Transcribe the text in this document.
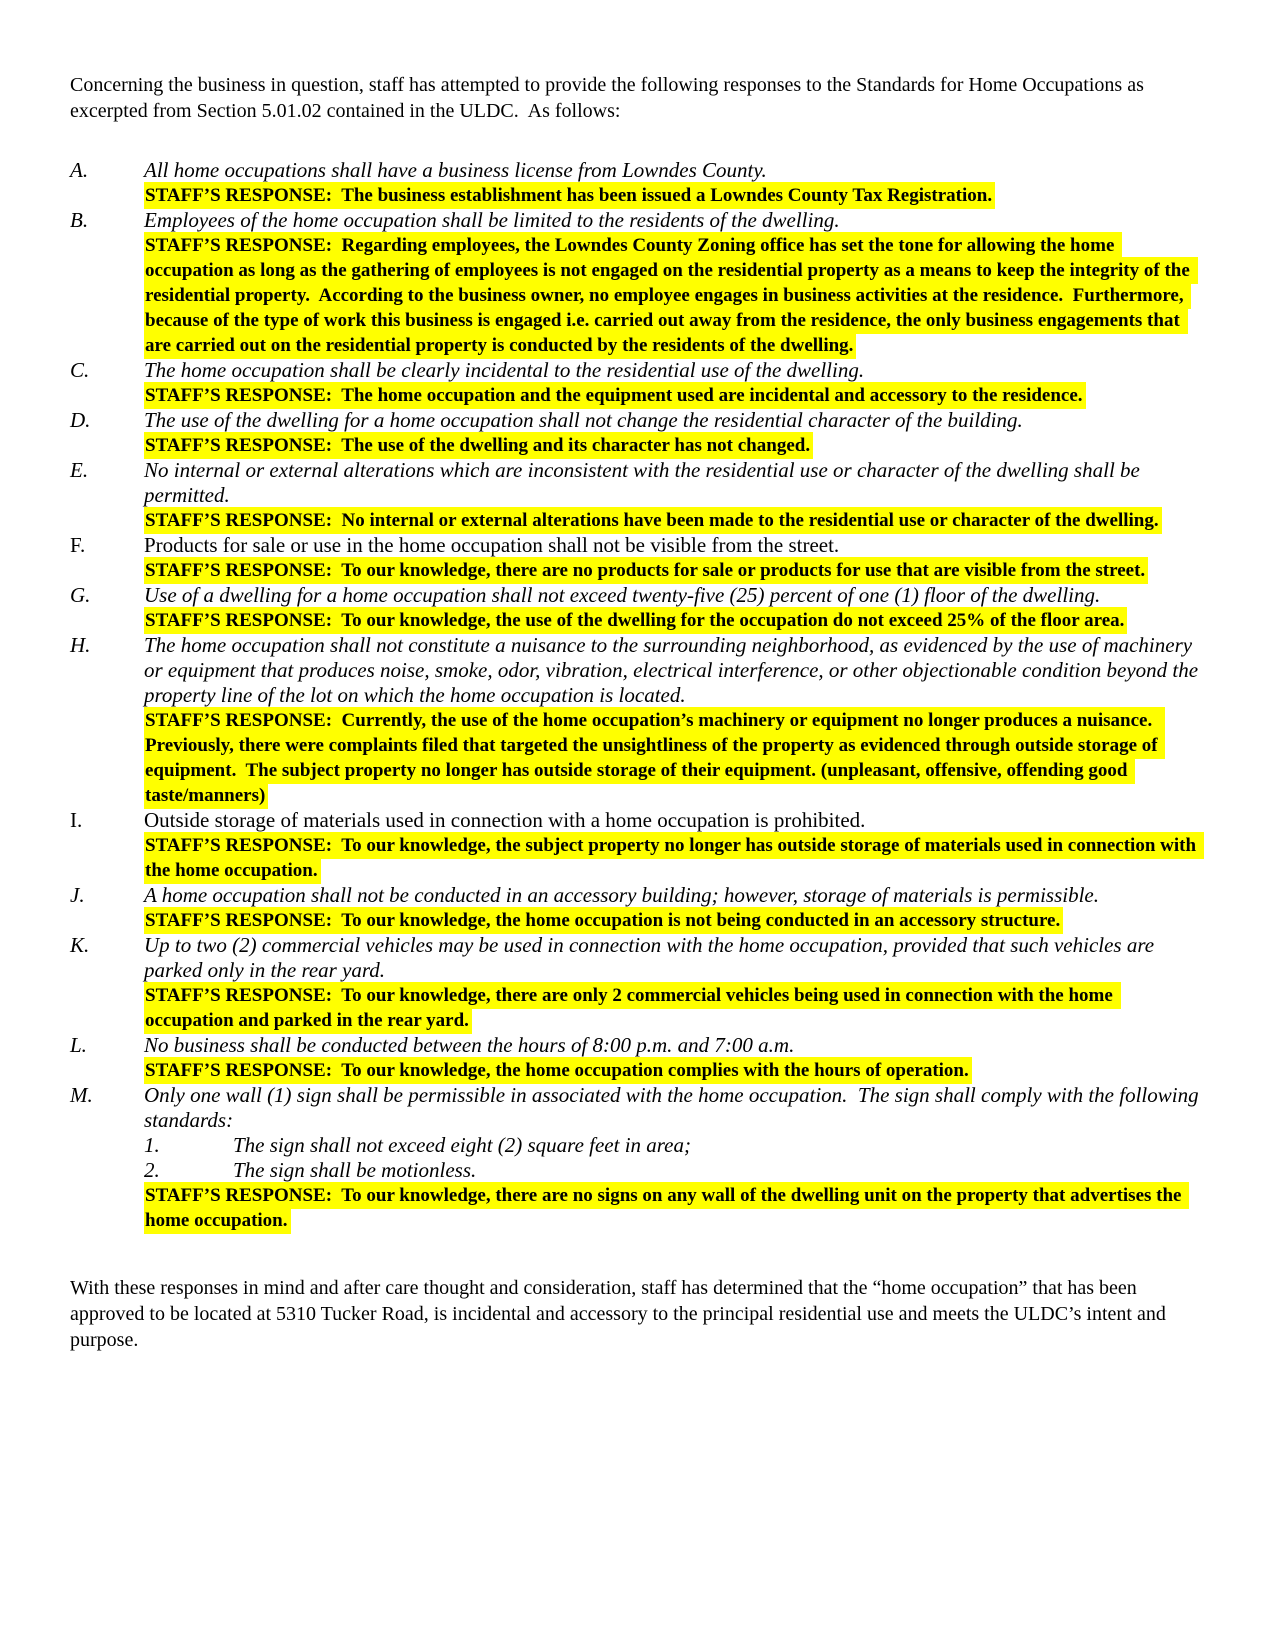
Concerning the business in question, staff has attempted to provide the following responses to the Standards for Home Occupations as excerpted from Section 5.01.02 contained in the ULDC.  As follows:

A.	All home occupations shall have a business license from Lowndes County.
STAFF’S RESPONSE:  The business establishment has been issued a Lowndes County Tax Registration.
B.	Employees of the home occupation shall be limited to the residents of the dwelling.
STAFF’S RESPONSE:  Regarding employees, the Lowndes County Zoning office has set the tone for allowing the home occupation as long as the gathering of employees is not engaged on the residential property as a means to keep the integrity of the residential property.  According to the business owner, no employee engages in business activities at the residence.  Furthermore, because of the type of work this business is engaged i.e. carried out away from the residence, the only business engagements that are carried out on the residential property is conducted by the residents of the dwelling.
C.	The home occupation shall be clearly incidental to the residential use of the dwelling.
STAFF’S RESPONSE:  The home occupation and the equipment used are incidental and accessory to the residence.
D.	The use of the dwelling for a home occupation shall not change the residential character of the building.
STAFF’S RESPONSE:  The use of the dwelling and its character has not changed.
E.	No internal or external alterations which are inconsistent with the residential use or character of the dwelling shall be permitted.
STAFF’S RESPONSE:  No internal or external alterations have been made to the residential use or character of the dwelling.
F.	Products for sale or use in the home occupation shall not be visible from the street.
STAFF’S RESPONSE:  To our knowledge, there are no products for sale or products for use that are visible from the street.
G.	Use of a dwelling for a home occupation shall not exceed twenty-five (25) percent of one (1) floor of the dwelling.
STAFF’S RESPONSE:  To our knowledge, the use of the dwelling for the occupation do not exceed 25% of the floor area.
H.	The home occupation shall not constitute a nuisance to the surrounding neighborhood, as evidenced by the use of machinery or equipment that produces noise, smoke, odor, vibration, electrical interference, or other objectionable condition beyond the property line of the lot on which the home occupation is located.
STAFF’S RESPONSE:  Currently, the use of the home occupation’s machinery or equipment no longer produces a nuisance.  Previously, there were complaints filed that targeted the unsightliness of the property as evidenced through outside storage of equipment.  The subject property no longer has outside storage of their equipment. (unpleasant, offensive, offending good taste/manners)
I.	Outside storage of materials used in connection with a home occupation is prohibited.
STAFF’S RESPONSE:  To our knowledge, the subject property no longer has outside storage of materials used in connection with the home occupation.
J.	A home occupation shall not be conducted in an accessory building; however, storage of materials is permissible.
STAFF’S RESPONSE:  To our knowledge, the home occupation is not being conducted in an accessory structure.
K.	Up to two (2) commercial vehicles may be used in connection with the home occupation, provided that such vehicles are parked only in the rear yard.
STAFF’S RESPONSE:  To our knowledge, there are only 2 commercial vehicles being used in connection with the home occupation and parked in the rear yard.
L.	No business shall be conducted between the hours of 8:00 p.m. and 7:00 a.m.
STAFF’S RESPONSE:  To our knowledge, the home occupation complies with the hours of operation.
M.	Only one wall (1) sign shall be permissible in associated with the home occupation.  The sign shall comply with the following standards:
1.	The sign shall not exceed eight (2) square feet in area;
2.	The sign shall be motionless.
STAFF’S RESPONSE:  To our knowledge, there are no signs on any wall of the dwelling unit on the property that advertises the home occupation.

With these responses in mind and after care thought and consideration, staff has determined that the “home occupation” that has been approved to be located at 5310 Tucker Road, is incidental and accessory to the principal residential use and meets the ULDC’s intent and purpose.
